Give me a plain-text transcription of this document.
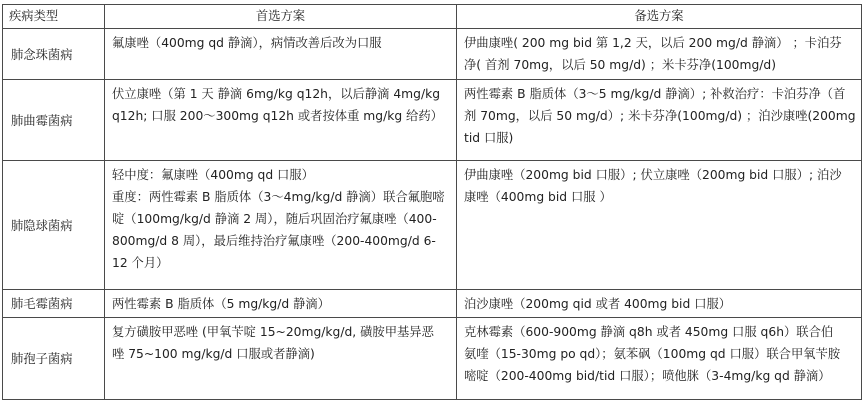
疾病类型	首选方案	备选方案
肺念珠菌病	氟康唑（400mg qd 静滴），病情改善后改为口服	伊曲康唑( 200 mg bid 第 1,2 天，以后 200 mg/d 静滴） ；卡泊芬
净( 首剂 70mg，以后 50 mg/d) ；米卡芬净(100mg/d)

肺曲霉菌病	伏立康唑（第 1 天 静滴 6mg/kg q12h，以后静滴 4mg/kg
q12h; 口服 200～300mg q12h 或者按体重 mg/kg 给药）	两性霉素 B 脂质体（3～5 mg/kg/d 静滴）; 补救治疗：卡泊芬净（首
剂 70mg，以后 50 mg/d）; 米卡芬净(100mg/d) ；泊沙康唑(200mg
tid 口服)

肺隐球菌病	轻中度：氟康唑（400mg qd 口服）
重度：两性霉素 B 脂质体（3～4mg/kg/d 静滴）联合氟胞嘧
啶（100mg/kg/d 静滴 2 周），随后巩固治疗氟康唑（400-
800mg/d 8 周），最后维持治疗氟康唑（200-400mg/d 6-
12 个月）	伊曲康唑（200mg bid 口服）; 伏立康唑（200mg bid 口服）; 泊沙
康唑（400mg bid 口服 ）

肺毛霉菌病	两性霉素 B 脂质体（5 mg/kg/d 静滴）	泊沙康唑（200mg qid 或者 400mg bid 口服）

肺孢子菌病	复方磺胺甲恶唑 (甲氧苄啶 15~20mg/kg/d, 磺胺甲基异恶
唑 75~100 mg/kg/d 口服或者静滴)	克林霉素（600-900mg 静滴 q8h 或者 450mg 口服 q6h）联合伯
氨喹（15-30mg po qd）；氨苯砜（100mg qd 口服）联合甲氧苄胺
嘧啶（200-400mg bid/tid 口服）；喷他脒（3-4mg/kg qd 静滴）
